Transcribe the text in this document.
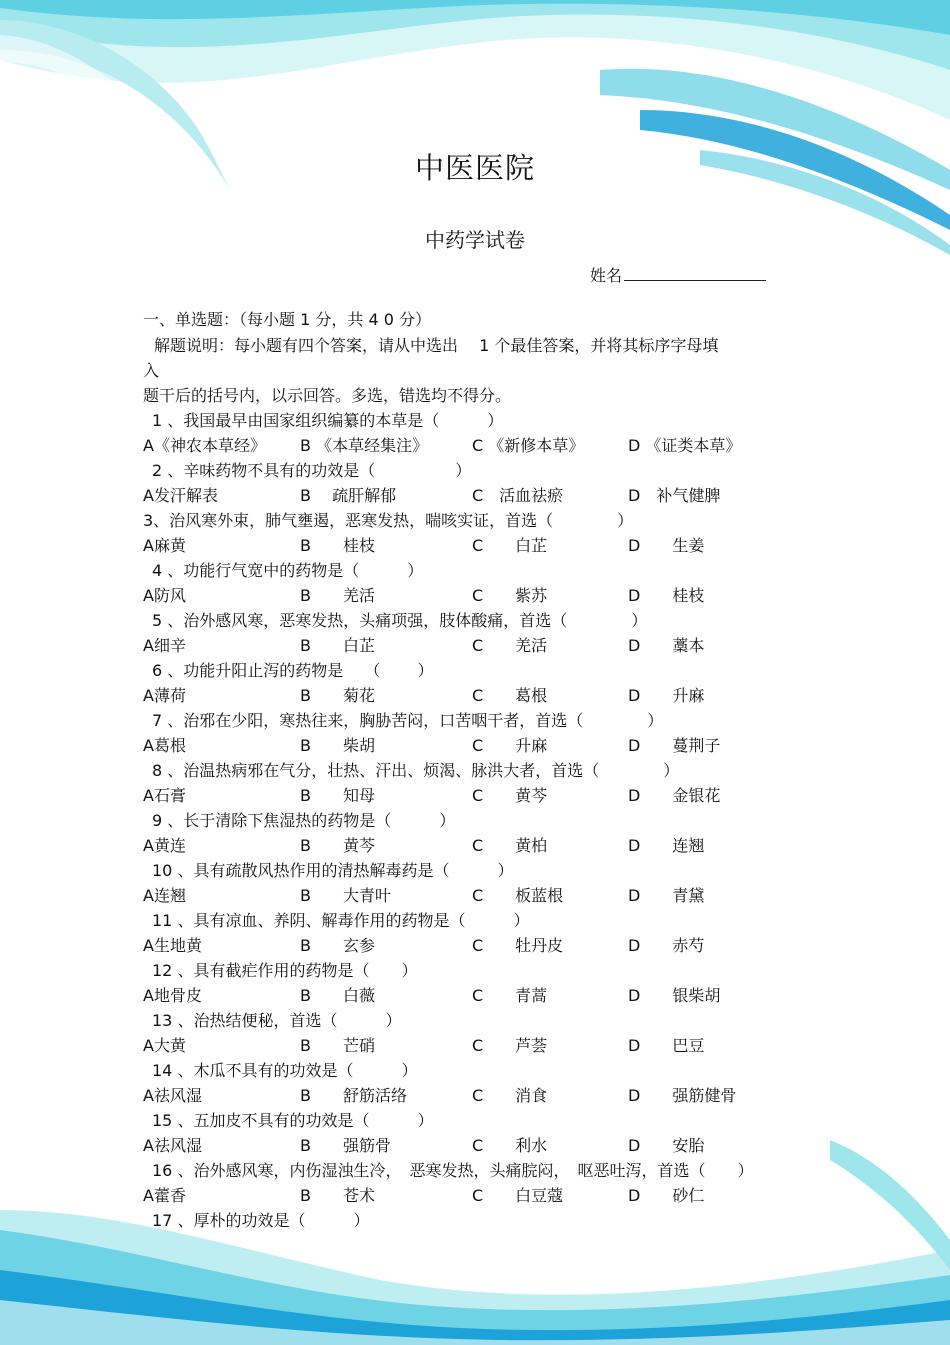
中医医院
中药学试卷
姓名
一、单选题：（每小题 1 分，共 4 0 分）
解题说明：每小题有四个答案，请从中选出　 1 个最佳答案，并将其标序字母填
入
题干后的括号内，以示回答。多选，错选均不得分。
1 、我国最早由国家组织编纂的本草是（　　　）
A《神农本草经》 B 《本草经集注》	C 《新修本草》	D 《证类本草》
2 、辛味药物不具有的功效是（　　　　　）
A发汗解表	B　 疏肝解郁	C　活血祛瘀	D　补气健脾
3、治风寒外束，肺气壅遏，恶寒发热，喘咳实证，首选（　　　　）
A麻黄	B　　桂枝	C　　白芷	D　　生姜
4 、功能行气宽中的药物是（　　　）
A防风	B　　羌活	C　　紫苏	D　　桂枝
5 、治外感风寒，恶寒发热，头痛项强，肢体酸痛，首选（　　　　）
A细辛	B　　白芷	C　　羌活	D　　藁本
6 、功能升阳止泻的药物是　 （　　 ）
A薄荷	B　　菊花	C　　葛根	D　　升麻
7 、治邪在少阳，寒热往来，胸胁苦闷，口苦咽干者，首选（　　　　）
A葛根	B　　柴胡	C　　升麻	D　　蔓荆子
8 、治温热病邪在气分，壮热、汗出、烦渴、脉洪大者，首选（　　　　）
A石膏	B　　知母	C　　黄芩	D　　金银花
9 、长于清除下焦湿热的药物是（　　　）
A黄连	B　　黄芩	C　　黄柏	D　　连翘
10 、具有疏散风热作用的清热解毒药是（　　　）
A连翘	B　　大青叶	C　　板蓝根	D　　青黛
11 、具有凉血、养阴、解毒作用的药物是（　　　）
A生地黄	B　　玄参	C　　牡丹皮	D　　赤芍
12 、具有截疟作用的药物是（　　）
A地骨皮	B　　白薇	C　　青蒿	D　　银柴胡
13 、治热结便秘，首选（　　　）
A大黄	B　　芒硝	C　　芦荟	D　　巴豆
14 、木瓜不具有的功效是（　　　）
A祛风湿	B　　舒筋活络	C　　消食	D　　强筋健骨
15 、五加皮不具有的功效是（　　　）
A祛风湿	B　　强筋骨	C　　利水	D　　安胎
16 、治外感风寒，内伤湿浊生冷，　恶寒发热，头痛脘闷，　呕恶吐泻，首选（　　）
A藿香	B　　苍术	C　　白豆蔻	D　　砂仁
17 、厚朴的功效是（　　　）
